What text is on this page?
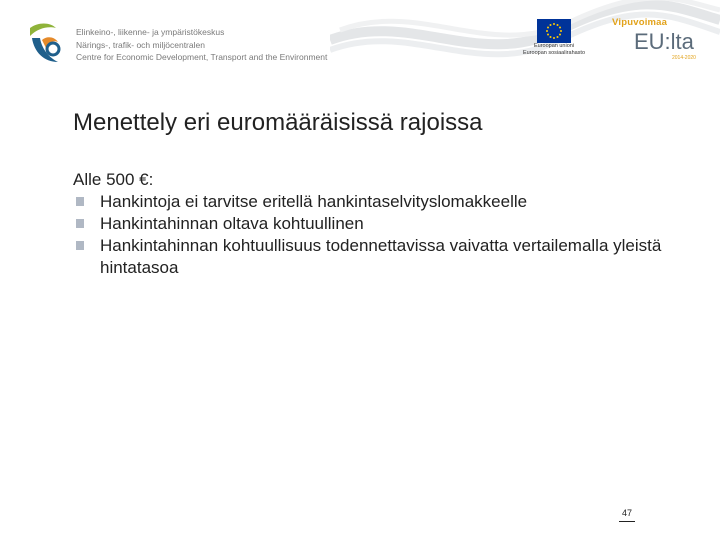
Elinkeino-, liikenne- ja ympäristökeskus
Närings-, trafik- och miljöcentralen
Centre for Economic Development, Transport and the Environment
Euroopan unioni
Euroopan sosiaalirahasto
Vipuvoimaa
EU:lta
2014-2020
Menettely eri euromääräisissä rajoissa

Alle 500 €:

Hankintoja ei tarvitse eritellä hankintaselvityslomakkeelle
Hankintahinnan oltava kohtuullinen
Hankintahinnan kohtuullisuus todennettavissa vaivatta vertailemalla yleistä hintatasoa
47
